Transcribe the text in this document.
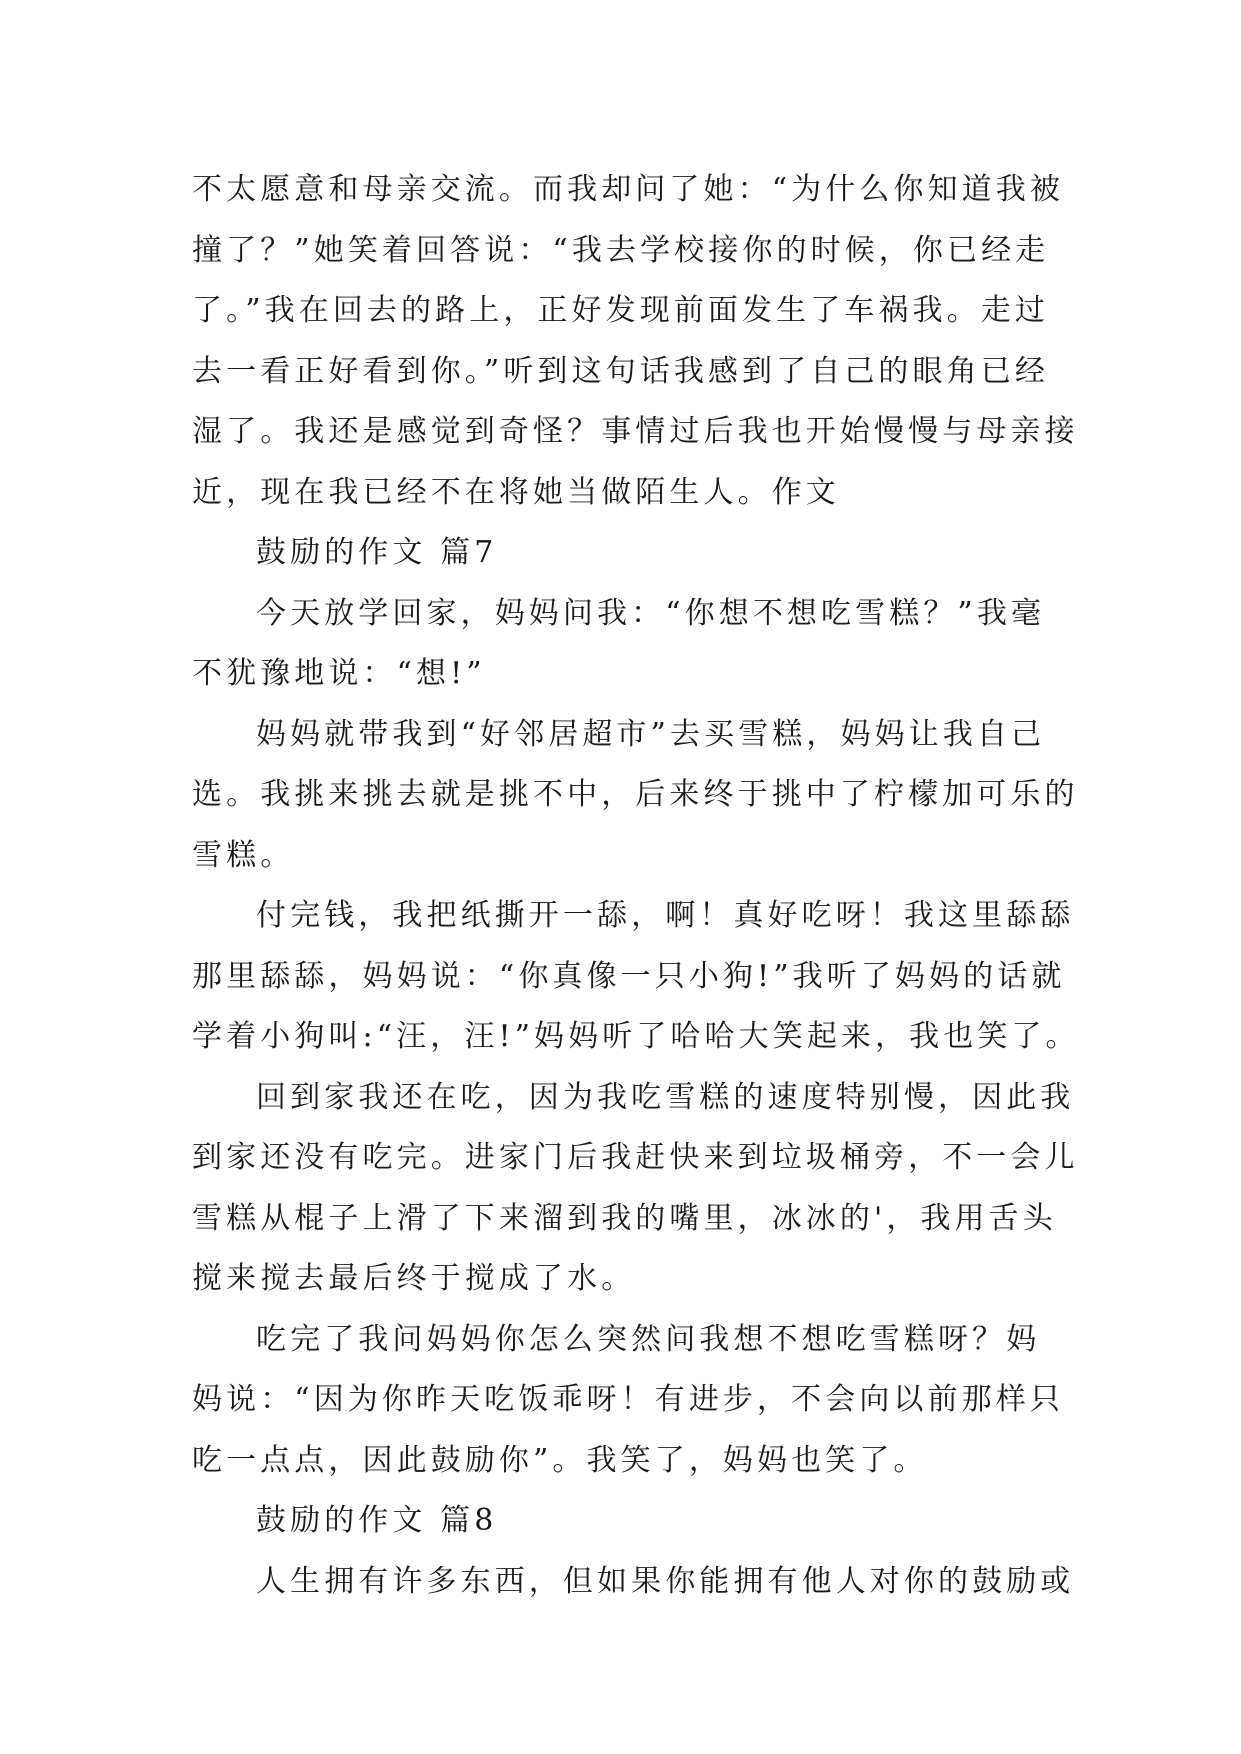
不太愿意和母亲交流。而我却问了她：“为什么你知道我被
撞了？”她笑着回答说：“我去学校接你的时候，你已经走
了。”我在回去的路上，正好发现前面发生了车祸我。走过
去一看正好看到你。”听到这句话我感到了自己的眼角已经
湿了。我还是感觉到奇怪？事情过后我也开始慢慢与母亲接
近，现在我已经不在将她当做陌生人。作文
鼓励的作文 篇7
今天放学回家，妈妈问我：“你想不想吃雪糕？”我毫
不犹豫地说：“想!”
妈妈就带我到“好邻居超市”去买雪糕，妈妈让我自己
选。我挑来挑去就是挑不中，后来终于挑中了柠檬加可乐的
雪糕。
付完钱，我把纸撕开一舔，啊！真好吃呀！我这里舔舔
那里舔舔，妈妈说：“你真像一只小狗!”我听了妈妈的话就
学着小狗叫:“汪，汪!”妈妈听了哈哈大笑起来，我也笑了。
回到家我还在吃，因为我吃雪糕的速度特别慢，因此我
到家还没有吃完。进家门后我赶快来到垃圾桶旁，不一会儿
雪糕从棍子上滑了下来溜到我的嘴里，冰冰的'，我用舌头
搅来搅去最后终于搅成了水。
吃完了我问妈妈你怎么突然问我想不想吃雪糕呀？妈
妈说：“因为你昨天吃饭乖呀！有进步，不会向以前那样只
吃一点点，因此鼓励你”。我笑了，妈妈也笑了。
鼓励的作文 篇8
人生拥有许多东西，但如果你能拥有他人对你的鼓励或
